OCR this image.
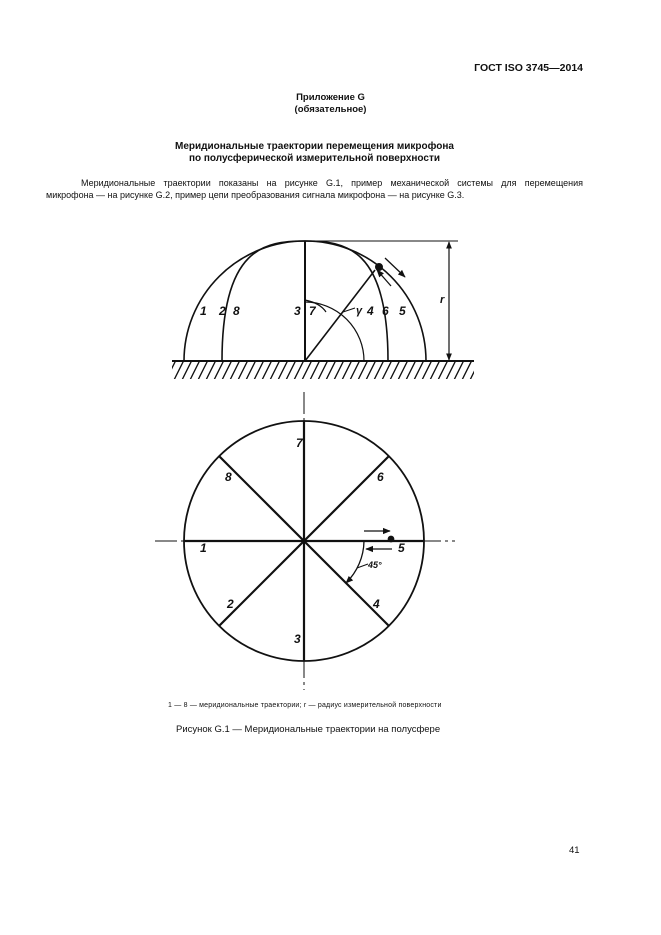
ГОСТ ISO 3745—2014
Приложение G
(обязательное)
Меридиональные траектории перемещения микрофона
по полусферической измерительной поверхности
Меридиональные траектории показаны на рисунке G.1, пример механической системы для перемещения
микрофона — на рисунке G.2, пример цепи преобразования сигнала микрофона — на рисунке G.3.
1 2 8	3 7	4 6 5
γ
r
1
2
3
4
5
6
7
8
45°
1 — 8 — меридиональные траектории; r — радиус измерительной поверхности
Рисунок G.1 — Меридиональные траектории на полусфере
41
